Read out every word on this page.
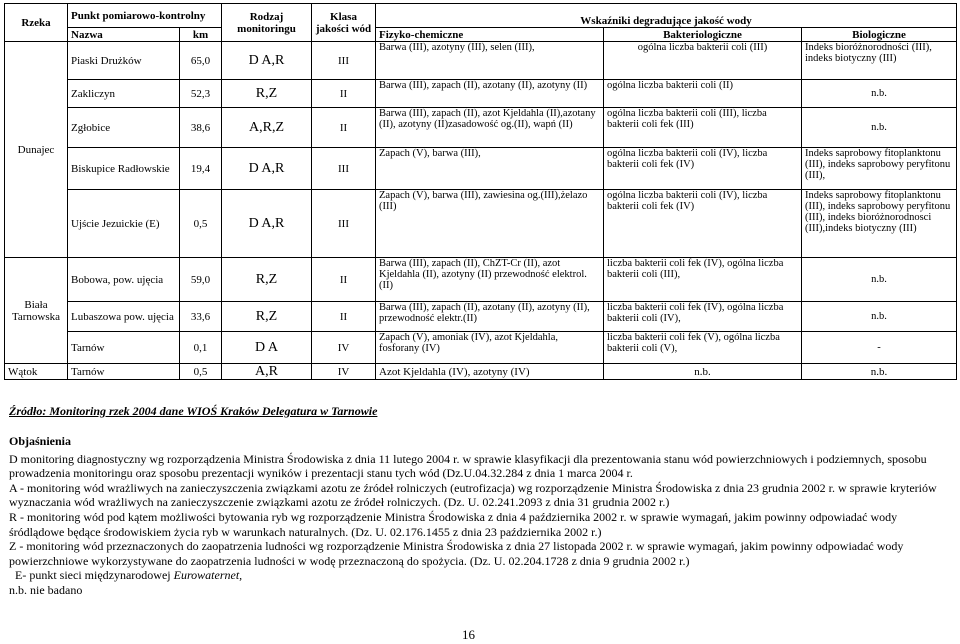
Rzeka	Punkt pomiarowo-kontrolny		Rodzaj monitoringu	Klasa jakości wód	Wskaźniki degradujące jakość wody		
	Nazwa	km			Fizyko-chemiczne	Bakteriologiczne	Biologiczne
Dunajec	Piaski Drużków	65,0	D A,R	III	Barwa (III), azotyny (III), selen (III),	ogólna liczba bakterii coli (III)	Indeks bioróżnorodności (III), indeks biotyczny (III)
	Zakliczyn	52,3	R,Z	II	Barwa (III), zapach (II), azotany (II), azotyny (II)	ogólna liczba bakterii coli (II)	n.b.
	Zgłobice	38,6	A,R,Z	II	Barwa (III), zapach (II), azot Kjeldahla (II),azotany (II), azotyny (II)zasadowość og.(II), wapń (II)	ogólna liczba bakterii coli (III), liczba bakterii coli fek (III)	n.b.
	Biskupice Radłowskie	19,4	D A,R	III	Zapach (V), barwa (III),	ogólna liczba bakterii coli (IV), liczba bakterii coli fek (IV)	Indeks saprobowy fitoplanktonu (III), indeks saprobowy peryfitonu (III),
	Ujście Jezuickie (E)	0,5	D A,R	III	Zapach (V), barwa (III), zawiesina og.(III),żelazo (III)	ogólna liczba bakterii coli (IV), liczba bakterii coli fek (IV)	Indeks saprobowy fitoplanktonu (III), indeks saprobowy peryfitonu (III), indeks bioróżnorodnosci (III),indeks biotyczny (III)
Biała Tarnowska	Bobowa, pow. ujęcia	59,0	R,Z	II	Barwa (III), zapach (II), ChZT-Cr (II), azot Kjeldahla (II), azotyny (II) przewodność elektrol.(II)	liczba bakterii coli fek (IV), ogólna liczba bakterii coli (III),	n.b.
	Lubaszowa pow. ujęcia	33,6	R,Z	II	Barwa (III), zapach (II), azotany (II), azotyny (II), przewodność elektr.(II)	liczba bakterii coli fek (IV), ogólna liczba bakterii coli (IV),	n.b.
	Tarnów	0,1	D A	IV	Zapach (V), amoniak (IV), azot Kjeldahla, fosforany (IV)	liczba bakterii coli fek (V), ogólna liczba bakterii coli (V),	-
Wątok	Tarnów	0,5	A,R	IV	Azot Kjeldahla (IV), azotyny (IV)	n.b.	n.b.
Źródło: Monitoring rzek 2004 dane WIOŚ Kraków Delegatura w Tarnowie

Objaśnienia

D monitoring diagnostyczny wg rozporządzenia Ministra Środowiska z dnia 11 lutego 2004 r. w sprawie klasyfikacji dla prezentowania stanu wód powierzchniowych i podziemnych, sposobu prowadzenia monitoringu oraz sposobu prezentacji wyników i prezentacji stanu tych wód (Dz.U.04.32.284 z dnia 1 marca 2004 r.

A - monitoring wód wrażliwych na zanieczyszczenia związkami azotu ze źródeł rolniczych (eutrofizacja) wg rozporządzenie Ministra Środowiska z dnia 23 grudnia 2002 r. w sprawie kryteriów wyznaczania wód wrażliwych na zanieczyszczenie związkami azotu ze źródeł rolniczych. (Dz. U. 02.241.2093 z dnia 31 grudnia 2002 r.)

R - monitoring wód pod kątem możliwości bytowania ryb wg rozporządzenie Ministra Środowiska z dnia 4 października 2002 r. w sprawie wymagań, jakim powinny odpowiadać wody śródlądowe będące środowiskiem życia ryb w warunkach naturalnych. (Dz. U. 02.176.1455 z dnia 23 października 2002 r.)

Z - monitoring wód przeznaczonych do zaopatrzenia ludności wg rozporządzenie Ministra Środowiska z dnia 27 listopada 2002 r. w sprawie wymagań, jakim powinny odpowiadać wody powierzchniowe wykorzystywane do zaopatrzenia ludności w wodę przeznaczoną do spożycia. (Dz. U. 02.204.1728 z dnia 9 grudnia 2002 r.)

E- punkt sieci międzynarodowej Eurowaternet,

n.b. nie badano

16
